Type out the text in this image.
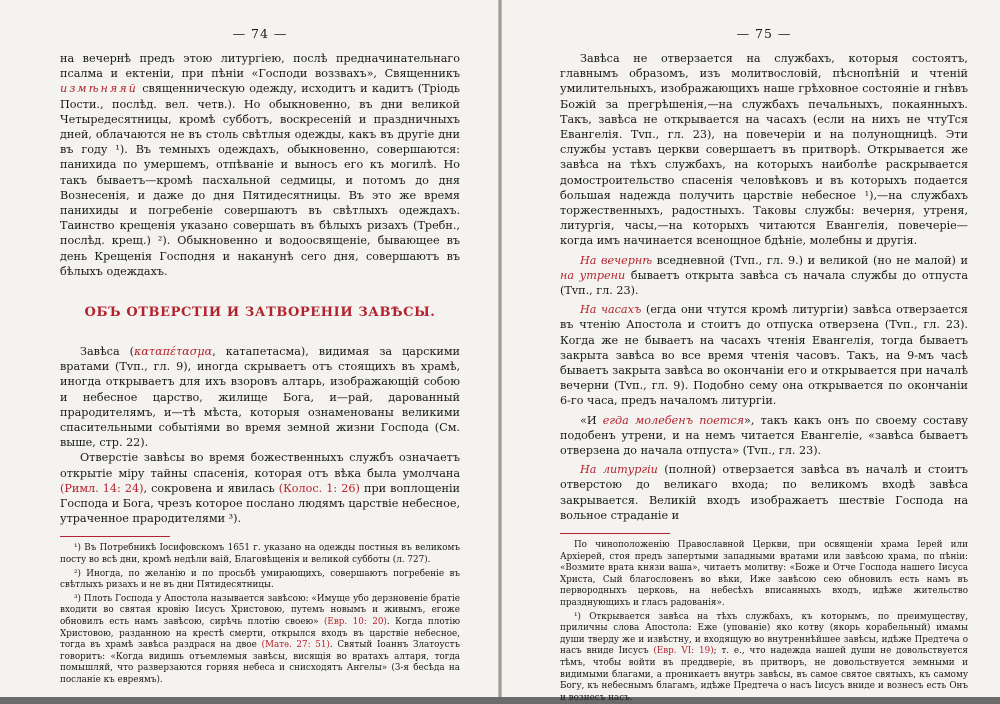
— 74 —

на вечернѣ предъ этою литургіею, послѣ предначинательнаго псалма и ектеніи, при пѣніи «Господи воззвахъ», Священникъ измѣняяй священническую одежду, исходитъ и кадитъ (Тріодь Пости., послѣд. вел. четв.). Но обыкновенно, въ дни великой Четыредесятницы, кромѣ субботъ, воскресеній и праздничныхъ дней, облачаются не въ столь свѣтлыя одежды, какъ въ другіе дни въ году ¹). Въ темныхъ одеждахъ, обыкновенно, совершаются: панихида по умершемъ, отпѣваніе и выносъ его къ могилѣ. Но такъ бываетъ—кромѣ пасхальной седмицы, и потомъ до дня Вознесенія, и даже до дня Пятидесятницы. Въ это же время панихиды и погребеніе совершаютъ въ свѣтлыхъ одеждахъ. Таинство крещенія указано совершать въ бѣлыхъ ризахъ (Требн., послѣд. крещ.) ²). Обыкновенно и водоосвященіе, бывающее въ день Крещенія Господня и наканунѣ сего дня, совершаютъ въ бѣлыхъ одеждахъ.

ОБЪ ОТВЕРСТІИ И ЗАТВОРЕНІИ ЗАВѢСЫ.

Завѣса (καταπέτασμα, катапетасма), видимая за царскими вратами (Тvп., гл. 9), иногда скрываетъ отъ стоящихъ въ храмѣ, иногда открываетъ для ихъ взоровъ алтарь, изображающій собою и небесное царство, жилище Бога, и—рай, дарованный прародителямъ, и—тѣ мѣста, которыя ознаменованы великими спасительными событіями во время земной жизни Господа (См. выше, стр. 22).

Отверстіе завѣсы во время божественныхъ службъ означаетъ открытіе міру тайны спасенія, которая отъ вѣка была умолчана (Римл. 14: 24), сокровена и явилась (Колос. 1: 26) при воплощеніи Господа и Бога, чрезъ которое послано людямъ царствіе небесное, утраченное прародителями ³).

¹) Въ Потребникѣ Іосифовскомъ 1651 г. указано на одежды постныя въ великомъ посту во всѣ дни, кромѣ недѣли ваій, Благовѣщенія и великой субботы (л. 727).

²) Иногда, по желанію и по просьбѣ умирающихъ, совершаютъ погребеніе въ свѣтлыхъ ризахъ и не въ дни Пятидесятницы.

³) Плоть Господа у Апостола называется завѣсою: «Имуще убо дерзновеніе братіе входити во святая кровію Іисусъ Христовою, путемъ новымъ и живымъ, егоже обновилъ есть намъ завѣсою, сирѣчь плотію своею» (Евр. 10: 20). Когда плотію Христовою, разданною на крестѣ смерти, открылся входъ въ царствіе небесное, тогда въ храмѣ завѣса раздрася на двое (Матѳ. 27: 51). Святый Іоаннъ Златоустъ говоритъ: «Когда видишь отъемлемыя завѣсы, висящія во вратахъ алтаря, тогда помышляй, что разверзаются горняя небеса и снисходятъ Ангелы» (3-я бесѣда на посланіе къ евреямъ).

— 75 —

Завѣса не отверзается на службахъ, которыя состоятъ, главнымъ образомъ, изъ молитвословій, пѣснопѣній и чтеній умилительныхъ, изображающихъ наше грѣховное состояніе и гнѣвъ Божій за прегрѣшенія,—на службахъ печальныхъ, покаянныхъ. Такъ, завѣса не открывается на часахъ (если на нихъ не чтуTся Евангелія. Тvп., гл. 23), на повечеріи и на полунощницѣ. Эти службы уставъ церкви совершаетъ въ притворѣ. Открывается же завѣса на тѣхъ службахъ, на которыхъ наиболѣе раскрывается домостроительство спасенія человѣковъ и въ которыхъ подается большая надежда получить царствіе небесное ¹),—на службахъ торжественныхъ, радостныхъ. Таковы службы: вечерня, утреня, литургія, часы,—на которыхъ читаются Евангелія, повечеріе—когда имъ начинается всенощное бдѣніе, молебны и другія.

На вечернѣ вседневной (Тvп., гл. 9.) и великой (но не малой) и на утрени бываетъ открыта завѣса съ начала службы до отпуста (Тvп., гл. 23).

На часахъ (егда они чтутся кромѣ литургіи) завѣса отверзается въ чтенію Апостола и стоитъ до отпуска отверзена (Тvп., гл. 23). Когда же не бываетъ на часахъ чтенія Евангелія, тогда бываетъ закрыта завѣса во все время чтенія часовъ. Такъ, на 9-мъ часѣ бываетъ закрыта завѣса во окончаніи его и открывается при началѣ вечерни (Тvп., гл. 9). Подобно сему она открывается по окончаніи 6-го часа, предъ началомъ литургіи.

«И егда молебенъ поется», такъ какъ онъ по своему составу подобенъ утрени, и на немъ читается Евангеліе, «завѣса бываетъ отверзена до начала отпуста» (Тvп., гл. 23).

На литургіи (полной) отверзается завѣса въ началѣ и стоитъ отверстою до великаго входа; по великомъ входѣ завѣса закрывается. Великій входъ изображаетъ шествіе Господа на вольное страданіе и

По чиноположенію Православной Церкви, при освященіи храма Іерей или Архіерей, стоя предъ запертыми западными вратами или завѣсою храма, по пѣніи: «Возмите врата князи ваша», читаетъ молитву: «Боже и Отче Господа нашего Іисуса Христа, Сый благословенъ во вѣки, Иже завѣсою сею обновилъ есть намъ въ первородныхъ церковь, на небесѣхъ вписанныхъ входъ, идѣже жительство празднующихъ и гласъ радованія».

¹) Открывается завѣса на тѣхъ службахъ, къ которымъ, по преимуществу, приличны слова Апостола: Еже (упованіе) яко котву (якорь корабельный) имамы души тверду же и извѣстну, и входящую во внутреннѣйшее завѣсы, идѣже Предтеча о насъ вниде Іисусъ (Евр. VI: 19); т. е., что надежда нашей души не довольствуется тѣмъ, чтобы войти въ преддверіе, въ притворъ, не довольствуется земными и видимыми благами, а проникаетъ внутрь завѣсы, въ самое святое святыхъ, къ самому Богу, къ небеснымъ благамъ, идѣже Предтеча о насъ Іисусъ вниде и вознесъ есть Онъ и вознесъ насъ.
